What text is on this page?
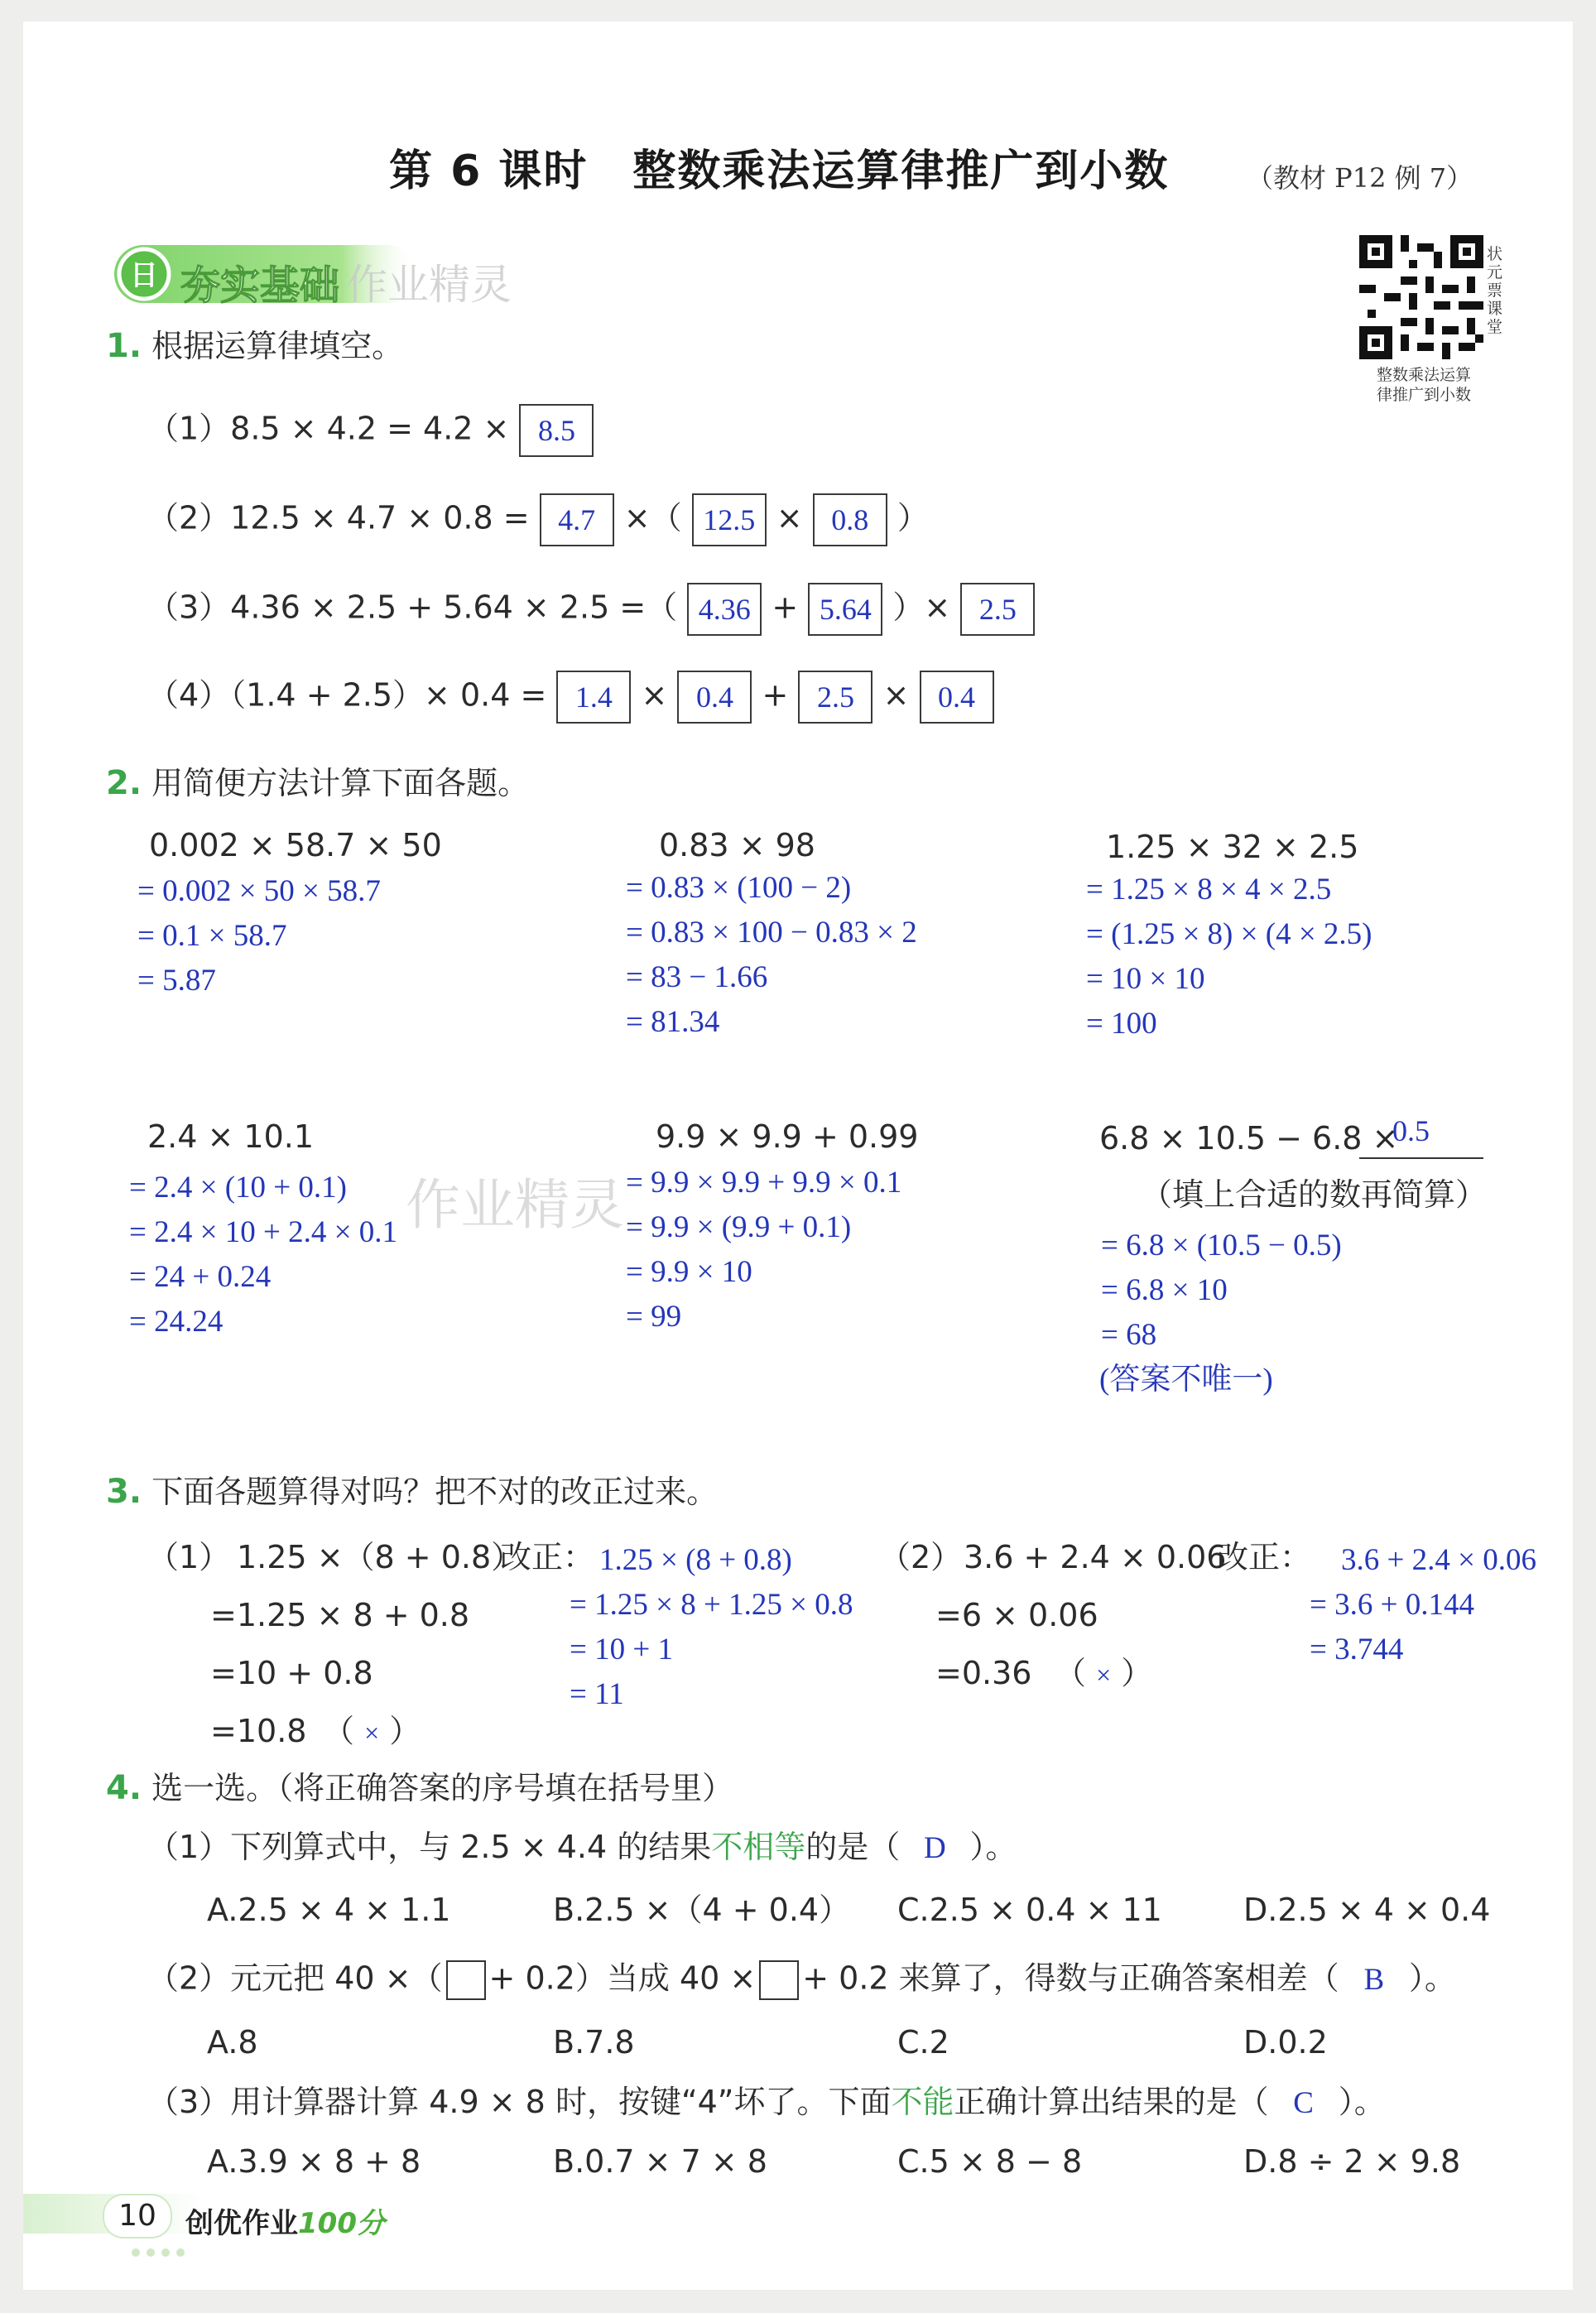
第 6 课时　整数乘法运算律推广到小数	（教材 P12 例 7）
日 夯实基础 作业精灵
状元票课堂
整数乘法运算
律推广到小数
1. 根据运算律填空。
（1）8.5 × 4.2 = 4.2 × 8.5
（2）12.5 × 4.7 × 0.8 = 4.7 ×（ 12.5 × 0.8 ）
（3）4.36 × 2.5 + 5.64 × 2.5 =（ 4.36 + 5.64 ）× 2.5
（4）（1.4 + 2.5）× 0.4 = 1.4 × 0.4 + 2.5 × 0.4
2. 用简便方法计算下面各题。
0.002 × 58.7 × 50
= 0.002 × 50 × 58.7
= 0.1 × 58.7
= 5.87
0.83 × 98
= 0.83 × (100 − 2)
= 0.83 × 100 − 0.83 × 2
= 83 − 1.66
= 81.34
1.25 × 32 × 2.5
= 1.25 × 8 × 4 × 2.5
= (1.25 × 8) × (4 × 2.5)
= 10 × 10
= 100
2.4 × 10.1
= 2.4 × (10 + 0.1)
= 2.4 × 10 + 2.4 × 0.1
= 24 + 0.24
= 24.24
作业精灵
9.9 × 9.9 + 0.99
= 9.9 × 9.9 + 9.9 × 0.1
= 9.9 × (9.9 + 0.1)
= 9.9 × 10
= 99
6.8 × 10.5 − 6.8 ×
0.5
（填上合适的数再简算）
= 6.8 × (10.5 − 0.5)
= 6.8 × 10
= 68
(答案不唯一)
3. 下面各题算得对吗？把不对的改正过来。
（1） 1.25 ×（8 + 0.8）
=1.25 × 8 + 0.8
=10 + 0.8
=10.8 （ × ）
改正： 1.25 × (8 + 0.8)
= 1.25 × 8 + 1.25 × 0.8
= 10 + 1
= 11
（2） 3.6 + 2.4 × 0.06
=6 × 0.06
=0.36 （ × ）
改正： 3.6 + 2.4 × 0.06
= 3.6 + 0.144
= 3.744
4. 选一选。（将正确答案的序号填在括号里）
（1）下列算式中，与 2.5 × 4.4 的结果不相等的是（ D ）。
A.2.5 × 4 × 1.1	B.2.5 ×（4 + 0.4） C.2.5 × 0.4 × 11	D.2.5 × 4 × 0.4
（2）元元把 40 ×（ + 0.2）当成 40 × + 0.2 来算了，得数与正确答案相差（ B ）。
A.8	B.7.8	C.2	D.0.2
（3）用计算器计算 4.9 × 8 时，按键“4”坏了。下面不能正确计算出结果的是（ C ）。
A.3.9 × 8 + 8	B.0.7 × 7 × 8	C.5 × 8 − 8	D.8 ÷ 2 × 9.8
10	创优作业100分
